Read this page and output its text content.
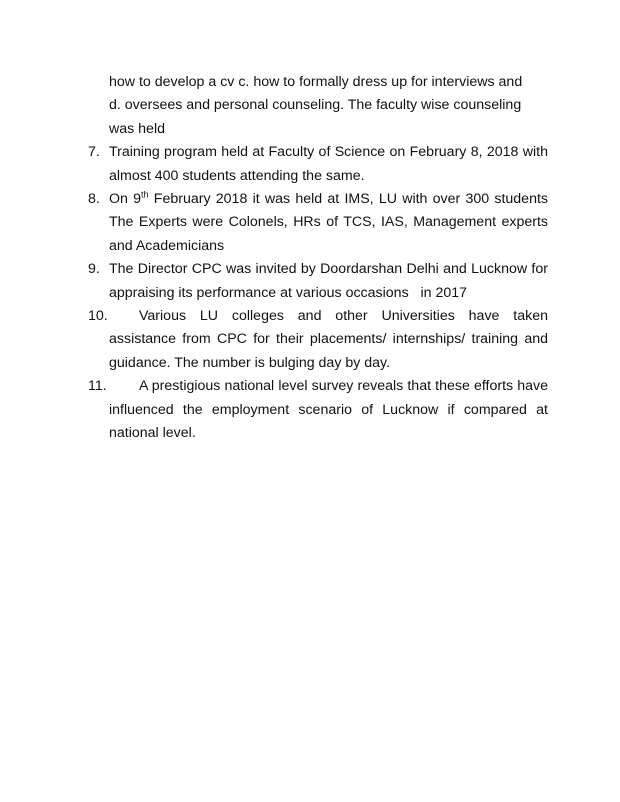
how to develop a cv c. how to formally dress up for interviews and
d. oversees and personal counseling. The faculty wise counseling
was held
7. Training program held at Faculty of Science on February 8, 2018 with almost 400 students attending the same.
8. On 9th February 2018 it was held at IMS, LU with over 300 students The Experts were Colonels, HRs of TCS, IAS, Management experts and Academicians
9. The Director CPC was invited by Doordarshan Delhi and Lucknow for appraising its performance at various occasions   in 2017
10.	Various LU colleges and other Universities have taken assistance from CPC for their placements/ internships/ training and guidance. The number is bulging day by day.
11.	A prestigious national level survey reveals that these efforts have influenced the employment scenario of Lucknow if compared at national level.
